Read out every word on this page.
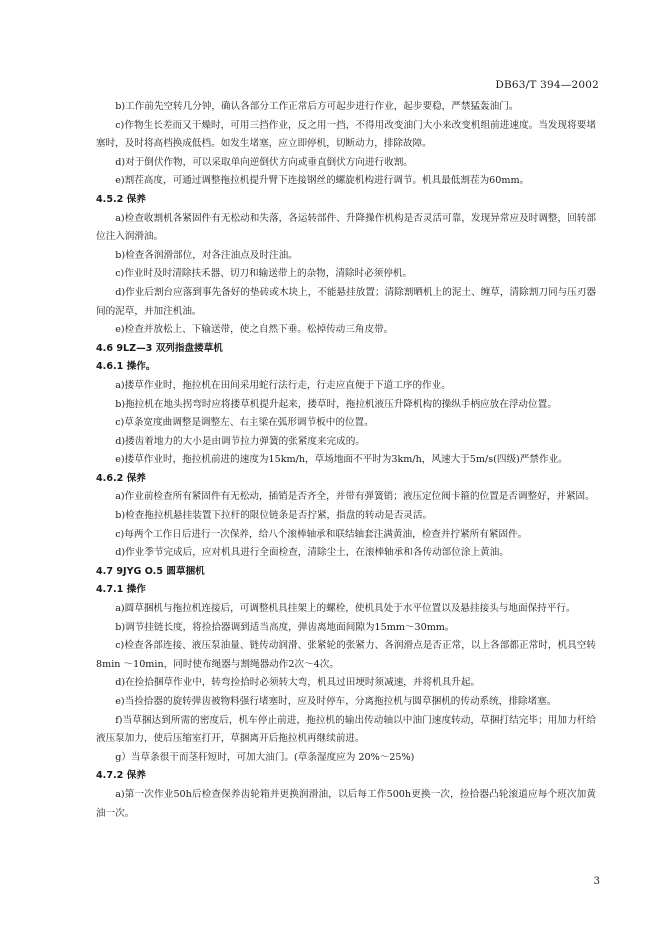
DB63/T 394—2002

b)工作前先空转几分钟，确认各部分工作正常后方可起步进行作业，起步要稳，严禁猛轰油门。

c)作物生长差而又干燥时，可用三挡作业，反之用一挡，不得用改变油门大小来改变机组前进速度。当发现将要堵塞时，及时将高档换成低档。如发生堵塞，应立即停机，切断动力，排除故障。

d)对于倒伏作物，可以采取单向逆倒伏方向或垂直倒伏方向进行收割。

e)割茬高度，可通过调整拖拉机提升臂下连接钢丝的螺旋机构进行调节。机具最低割茬为60mm。

4.5.2 保养

a)检查收割机各紧固件有无松动和失落，各运转部件、升降操作机构是否灵活可靠，发现异常应及时调整，回转部位注入润滑油。

b)检查各润滑部位，对各注油点及时注油。

c)作业时及时清除扶禾器、切刀和输送带上的杂物，清除时必须停机。

d)作业后割台应落到事先备好的垫砖或木块上，不能悬挂放置；清除割晒机上的泥土、缠草，清除割刀同与压刃器间的泥草，并加注机油。

e)检查并放松上、下输送带，使之自然下垂。松掉传动三角皮带。

4.6 9LZ—3 双列指盘搂草机

4.6.1 操作。

a)搂草作业时，拖拉机在田间采用蛇行法行走，行走应直便于下道工序的作业。

b)拖拉机在地头拐弯时应将搂草机提升起来，搂草时，拖拉机液压升降机构的操纵手柄应放在浮动位置。

c)草条宽度曲调整是调整左、右主梁在弧形调节板中的位置。

d)搂齿着地力的大小是由调节拉力弹簧的张紧度来完成的。

e)搂草作业时，拖拉机前进的速度为15km/h，草场地面不平时为3km/h，风速大于5m/s(四级)严禁作业。

4.6.2 保养

a)作业前检查所有紧固件有无松动，插销是否齐全，并带有弹簧销；液压定位阀卡箍的位置是否调整好，并紧固。

b)检查拖拉机悬挂装置下拉杆的限位链条是否拧紧，指盘的转动是否灵活。

c)每两个工作日后进行一次保养，给八个滚棒轴承和联结轴套注满黄油，检查并拧紧所有紧固件。

d)作业季节完成后，应对机具进行全面检查，清除尘土，在滚棒轴承和各传动部位涂上黄油。

4.7 9JYG O.5 圆草捆机

4.7.1 操作

a)圆草捆机与拖拉机连接后，可调整机具挂架上的螺栓，使机具处于水平位置以及悬挂接头与地面保持平行。

b)调节挂链长度，将捡拾器调到适当高度，弹齿离地面间隙为15mm～30mm。

c)检查各部连接、液压泵油量、链传动润滑、张紧轮的张紧力、各润滑点是否正常，以上各部都正常时，机具空转8min ～10min，同时使布绳器与割绳器动作2次～4次。

d)在捡拾捆草作业中，转弯捡拾时必须转大弯，机具过田埂时须减速，并将机具升起。

e)当捡拾器的旋转弹齿被物料强行堵塞时，应及时停车，分离拖拉机与圆草捆机的传动系统，排除堵塞。

f)当草捆达到所需的密度后，机车停止前进，拖拉机的输出传动轴以中油门速度转动，草捆打结完毕；用加力杆给液压泵加力，使后压缩室打开，草捆离开后拖拉机再继续前进。

g）当草条很干而茎秆短时，可加大油门。(草条湿度应为 20%～25%)

4.7.2 保养

a)第一次作业50h后检查保养齿轮箱并更换润滑油，以后每工作500h更换一次，捡拾器凸轮滚道应每个班次加黄油一次。

3
